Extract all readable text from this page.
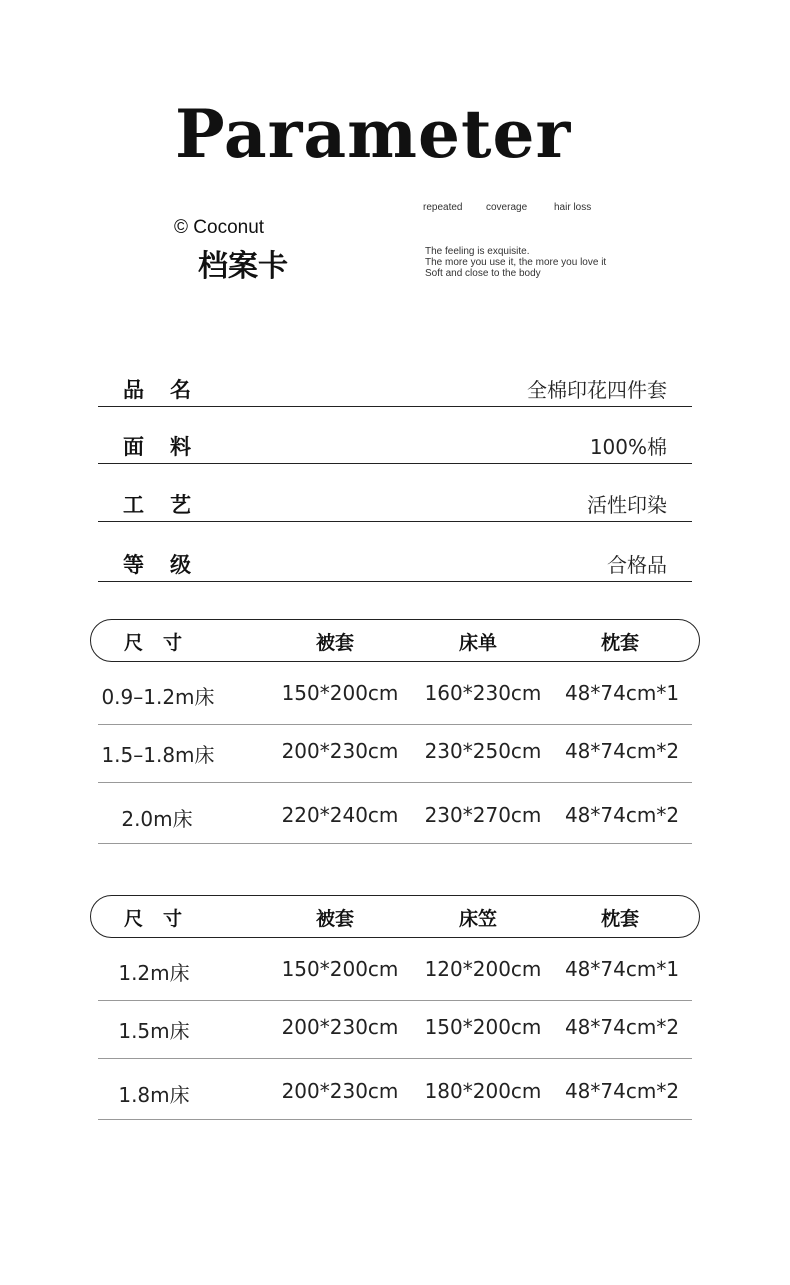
Parameter
© Coconut
档案卡
repeated coverage	hair loss
The feeling is exquisite.
The more you use it, the more you love it
Soft and close to the body
品名	全棉印花四件套
面料	100%棉
工艺	活性印染
等级	合格品
尺寸	被套	床单	枕套
0.9–1.2m床	150*200cm 160*230cm 48*74cm*1
1.5–1.8m床	200*230cm 230*250cm 48*74cm*2
2.0m床	220*240cm 230*270cm 48*74cm*2
尺寸	被套	床笠	枕套
1.2m床	150*200cm 120*200cm 48*74cm*1
1.5m床	200*230cm 150*200cm 48*74cm*2
1.8m床	200*230cm 180*200cm 48*74cm*2
